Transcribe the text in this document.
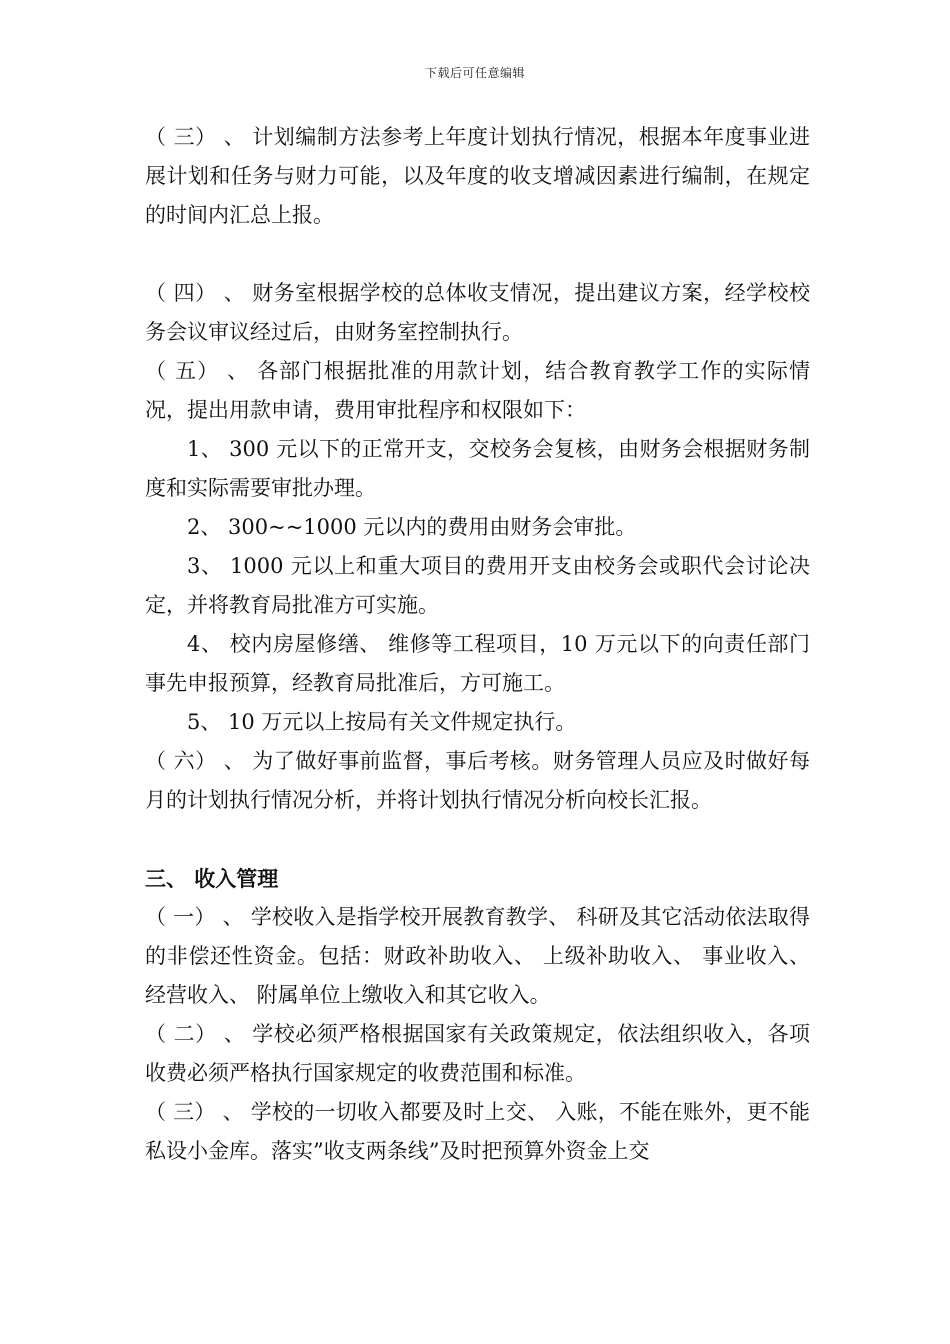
下载后可任意编辑

（ 三） 、 计划编制方法参考上年度计划执行情况，根据本年度事业进展计划和任务与财力可能，以及年度的收支增减因素进行编制，在规定的时间内汇总上报。

（ 四） 、 财务室根据学校的总体收支情况，提出建议方案，经学校校务会议审议经过后，由财务室控制执行。

（ 五） 、 各部门根据批准的用款计划，结合教育教学工作的实际情况，提出用款申请，费用审批程序和权限如下：

1、 300 元以下的正常开支，交校务会复核，由财务会根据财务制度和实际需要审批办理。

2、 300~~1000 元以内的费用由财务会审批。

3、 1000 元以上和重大项目的费用开支由校务会或职代会讨论决定，并将教育局批准方可实施。

4、 校内房屋修缮、 维修等工程项目，10 万元以下的向责任部门事先申报预算，经教育局批准后，方可施工。

5、 10 万元以上按局有关文件规定执行。

（ 六） 、 为了做好事前监督，事后考核。财务管理人员应及时做好每月的计划执行情况分析，并将计划执行情况分析向校长汇报。

三、 收入管理

（ 一） 、 学校收入是指学校开展教育教学、 科研及其它活动依法取得的非偿还性资金。包括：财政补助收入、 上级补助收入、 事业收入、 经营收入、 附属单位上缴收入和其它收入。

（ 二） 、 学校必须严格根据国家有关政策规定，依法组织收入，各项收费必须严格执行国家规定的收费范围和标准。

（ 三） 、 学校的一切收入都要及时上交、 入账，不能在账外，更不能私设小金库。落实”收支两条线”及时把预算外资金上交
